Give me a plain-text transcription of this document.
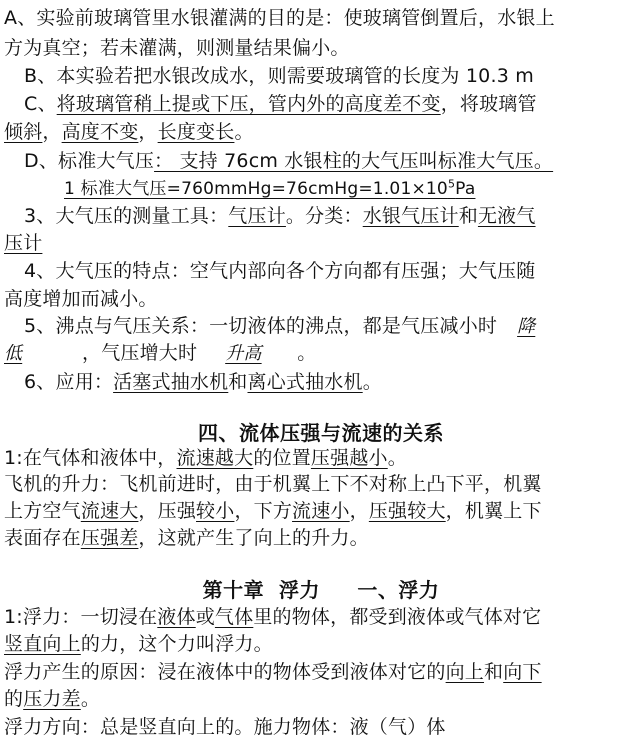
A、实验前玻璃管里水银灌满的目的是：使玻璃管倒置后，水银上
方为真空；若未灌满，则测量结果偏小。
B、本实验若把水银改成水，则需要玻璃管的长度为 10.3 m
C、将玻璃管稍上提或下压，管内外的高度差不变，将玻璃管
倾斜，高度不变，长度变长。
D、标准大气压： 支持 76cm 水银柱的大气压叫标准大气压。
1 标准大气压$=760mmHg=76cmHg=1.01\times 10^5Pa$
3、大气压的测量工具：气压计。分类：水银气压计和无液气
压计
4、大气压的特点：空气内部向各个方向都有压强；大气压随
高度增加而减小。
5、沸点与气压关系：一切液体的沸点，都是气压减小时 降
低	，气压增大时 升高 。
6、应用：活塞式抽水机和离心式抽水机。
四、流体压强与流速的关系
1:在气体和液体中，流速越大的位置压强越小。
飞机的升力：飞机前进时，由于机翼上下不对称上凸下平，机翼
上方空气流速大，压强较小，下方流速小，压强较大，机翼上下
表面存在压强差，这就产生了向上的升力。
第十章  浮力     一、浮力
1:浮力：一切浸在液体或气体里的物体，都受到液体或气体对它
竖直向上的力，这个力叫浮力。
浮力产生的原因：浸在液体中的物体受到液体对它的向上和向下
的压力差。
浮力方向：总是竖直向上的。施力物体：液（气）体
